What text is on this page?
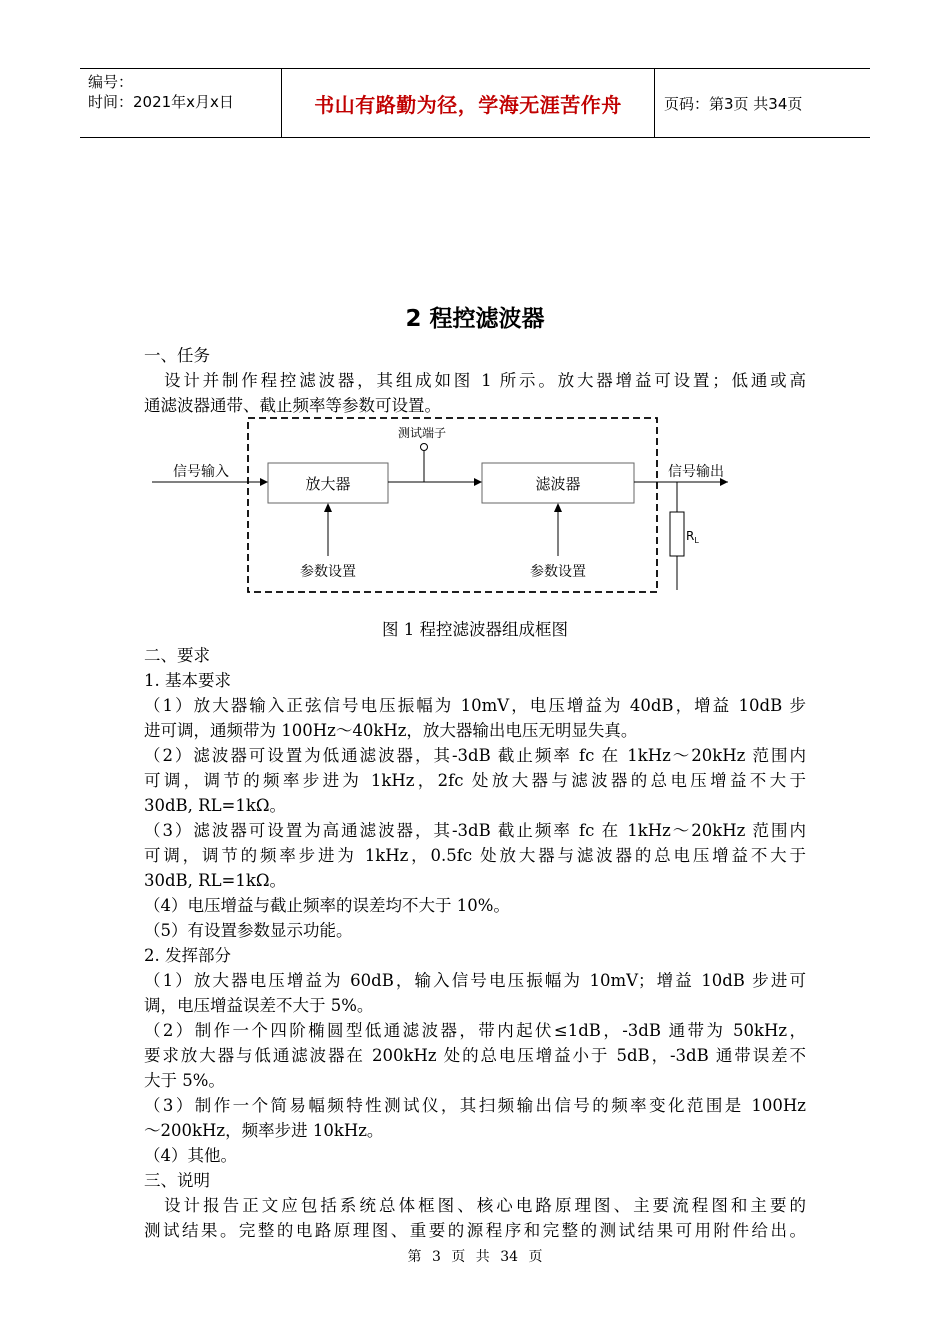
编号：
时间：2021年x月x日	书山有路勤为径，学海无涯苦作舟	页码：第3页 共34页
2 程控滤波器
一、任务
设计并制作程控滤波器，其组成如图 1 所示。放大器增益可设置；低通或高
通滤波器通带、截止频率等参数可设置。
信号输入
放大器
测试端子
滤波器
信号输出
$R_L$
参数设置	参数设置
图 1 程控滤波器组成框图
二、要求
1. 基本要求
（1）放大器输入正弦信号电压振幅为 10mV，电压增益为 40dB，增益 10dB 步
进可调，通频带为 100Hz～40kHz，放大器输出电压无明显失真。
（2）滤波器可设置为低通滤波器，其-3dB 截止频率 fc 在 1kHz～20kHz 范围内
可调，调节的频率步进为 1kHz，2fc 处放大器与滤波器的总电压增益不大于
30dB, RL=1kΩ。
（3）滤波器可设置为高通滤波器，其-3dB 截止频率 fc 在 1kHz～20kHz 范围内
可调，调节的频率步进为 1kHz，0.5fc 处放大器与滤波器的总电压增益不大于
30dB, RL=1kΩ。
（4）电压增益与截止频率的误差均不大于 10%。
（5）有设置参数显示功能。
2. 发挥部分
（1）放大器电压增益为 60dB，输入信号电压振幅为 10mV；增益 10dB 步进可
调，电压增益误差不大于 5%。
（2）制作一个四阶椭圆型低通滤波器，带内起伏≤1dB，-3dB 通带为 50kHz，
要求放大器与低通滤波器在 200kHz 处的总电压增益小于 5dB，-3dB 通带误差不
大于 5%。
（3）制作一个简易幅频特性测试仪，其扫频输出信号的频率变化范围是 100Hz
～200kHz，频率步进 10kHz。
（4）其他。
三、说明
设计报告正文应包括系统总体框图、核心电路原理图、主要流程图和主要的
测试结果。完整的电路原理图、重要的源程序和完整的测试结果可用附件给出。
第 3 页 共 34 页
